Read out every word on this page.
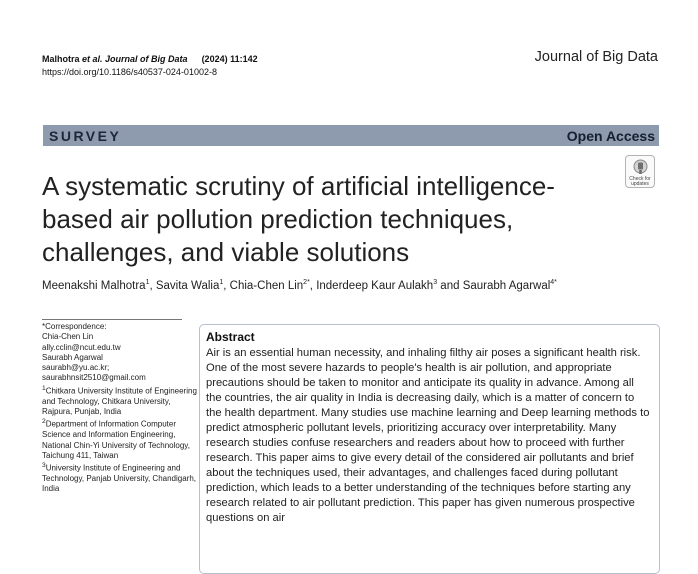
Malhotra et al. Journal of Big Data (2024) 11:142
https://doi.org/10.1186/s40537-024-01002-8
Journal of Big Data
SURVEY	Open Access
Check for
updates
A systematic scrutiny of artificial intelligence-based air pollution prediction techniques, challenges, and viable solutions
Meenakshi Malhotra$^1$, Savita Walia$^1$, Chia-Chen Lin$^{2*}$, Inderdeep Kaur Aulakh$^3$ and Saurabh Agarwal$^{4*}$
*Correspondence:
Chia-Chen Lin
ally.cclin@ncut.edu.tw
Saurabh Agarwal
saurabh@yu.ac.kr;
saurabhnsit2510@gmail.com
$^1$Chitkara University Institute of Engineering and Technology, Chitkara University, Rajpura, Punjab, India
$^2$Department of Information Computer Science and Information Engineering, National Chin-Yi University of Technology, Taichung 411, Taiwan
$^3$University Institute of Engineering and Technology, Panjab University, Chandigarh, India
Abstract
Air is an essential human necessity, and inhaling filthy air poses a significant health risk. One of the most severe hazards to people's health is air pollution, and appropriate precautions should be taken to monitor and anticipate its quality in advance. Among all the countries, the air quality in India is decreasing daily, which is a matter of concern to the health department. Many studies use machine learning and Deep learning methods to predict atmospheric pollutant levels, prioritizing accuracy over interpretability. Many research studies confuse researchers and readers about how to proceed with further research. This paper aims to give every detail of the considered air pollutants and brief about the techniques used, their advantages, and challenges faced during pollutant prediction, which leads to a better understanding of the techniques before starting any research related to air pollutant prediction. This paper has given numerous prospective questions on air
